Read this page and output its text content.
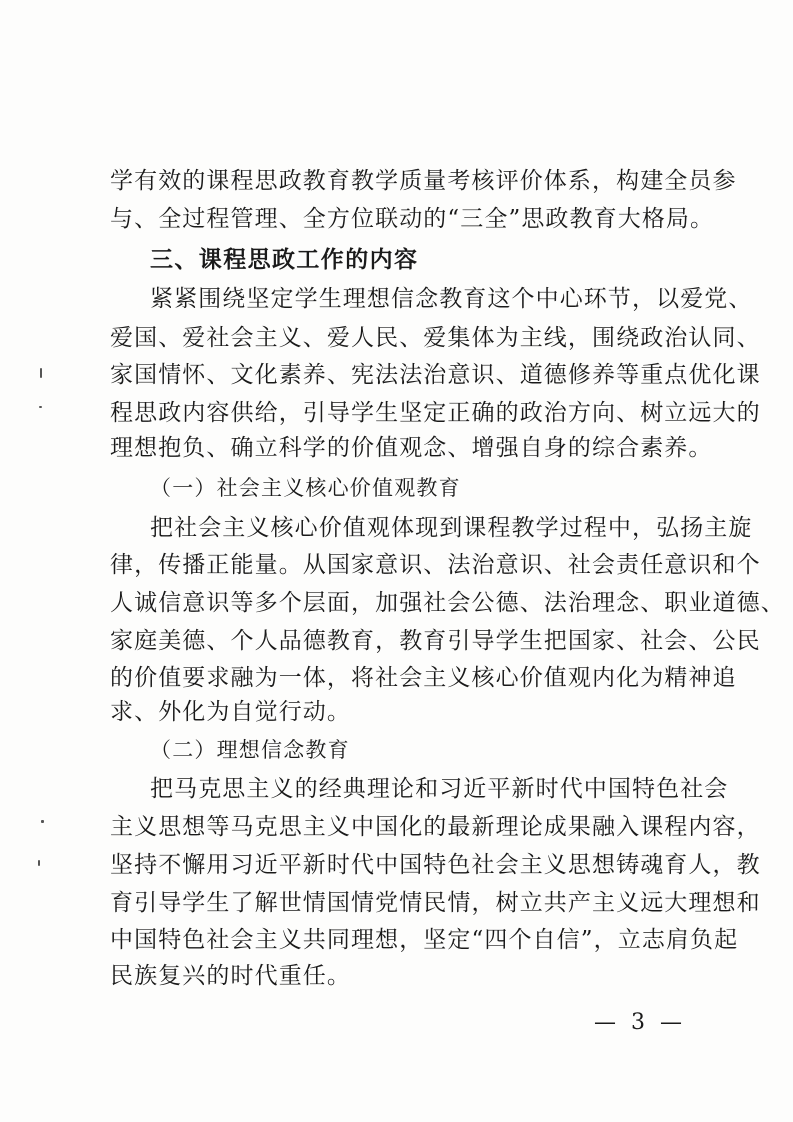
学有效的课程思政教育教学质量考核评价体系，构建全员参
与、全过程管理、全方位联动的“三全”思政教育大格局。
三、课程思政工作的内容
紧紧围绕坚定学生理想信念教育这个中心环节，以爱党、
爱国、爱社会主义、爱人民、爱集体为主线，围绕政治认同、
家国情怀、文化素养、宪法法治意识、道德修养等重点优化课
程思政内容供给，引导学生坚定正确的政治方向、树立远大的
理想抱负、确立科学的价值观念、增强自身的综合素养。
（一）社会主义核心价值观教育
把社会主义核心价值观体现到课程教学过程中，弘扬主旋
律，传播正能量。从国家意识、法治意识、社会责任意识和个
人诚信意识等多个层面，加强社会公德、法治理念、职业道德、
家庭美德、个人品德教育，教育引导学生把国家、社会、公民
的价值要求融为一体，将社会主义核心价值观内化为精神追
求、外化为自觉行动。
（二）理想信念教育
把马克思主义的经典理论和习近平新时代中国特色社会
主义思想等马克思主义中国化的最新理论成果融入课程内容，
坚持不懈用习近平新时代中国特色社会主义思想铸魂育人，教
育引导学生了解世情国情党情民情，树立共产主义远大理想和
中国特色社会主义共同理想，坚定“四个自信”，立志肩负起
民族复兴的时代重任。
— 3 —
